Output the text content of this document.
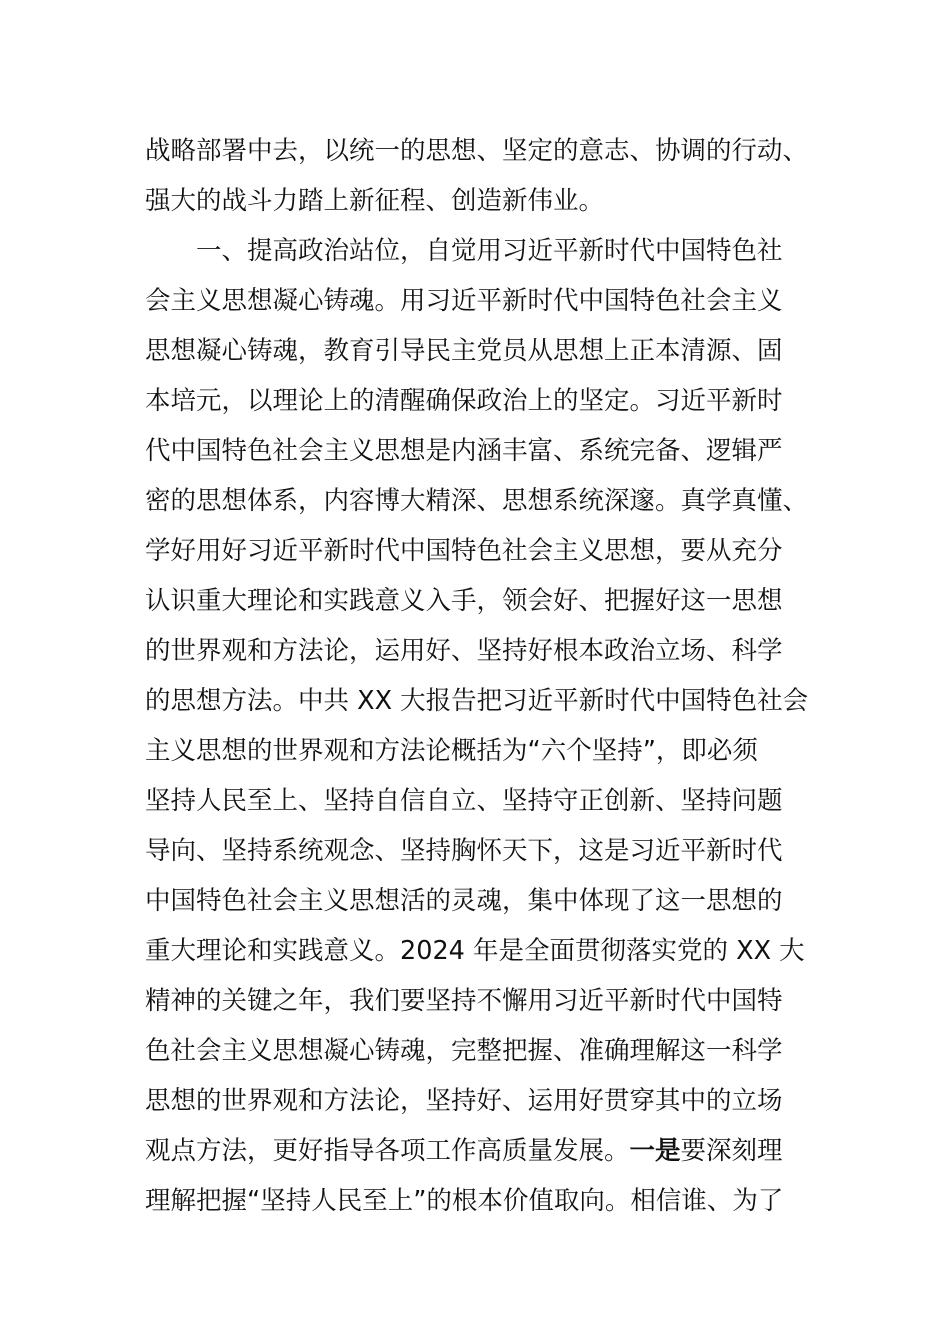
战略部署中去，以统一的思想、坚定的意志、协调的行动、
强大的战斗力踏上新征程、创造新伟业。
一、提高政治站位，自觉用习近平新时代中国特色社
会主义思想凝心铸魂。用习近平新时代中国特色社会主义
思想凝心铸魂，教育引导民主党员从思想上正本清源、固
本培元，以理论上的清醒确保政治上的坚定。习近平新时
代中国特色社会主义思想是内涵丰富、系统完备、逻辑严
密的思想体系，内容博大精深、思想系统深邃。真学真懂、
学好用好习近平新时代中国特色社会主义思想，要从充分
认识重大理论和实践意义入手，领会好、把握好这一思想
的世界观和方法论，运用好、坚持好根本政治立场、科学
的思想方法。中共 XX 大报告把习近平新时代中国特色社会
主义思想的世界观和方法论概括为“六个坚持”，即必须
坚持人民至上、坚持自信自立、坚持守正创新、坚持问题
导向、坚持系统观念、坚持胸怀天下，这是习近平新时代
中国特色社会主义思想活的灵魂，集中体现了这一思想的
重大理论和实践意义。2024 年是全面贯彻落实党的 XX 大
精神的关键之年，我们要坚持不懈用习近平新时代中国特
色社会主义思想凝心铸魂，完整把握、准确理解这一科学
思想的世界观和方法论，坚持好、运用好贯穿其中的立场
观点方法，更好指导各项工作高质量发展。一是要深刻理
理解把握“坚持人民至上”的根本价值取向。相信谁、为了
